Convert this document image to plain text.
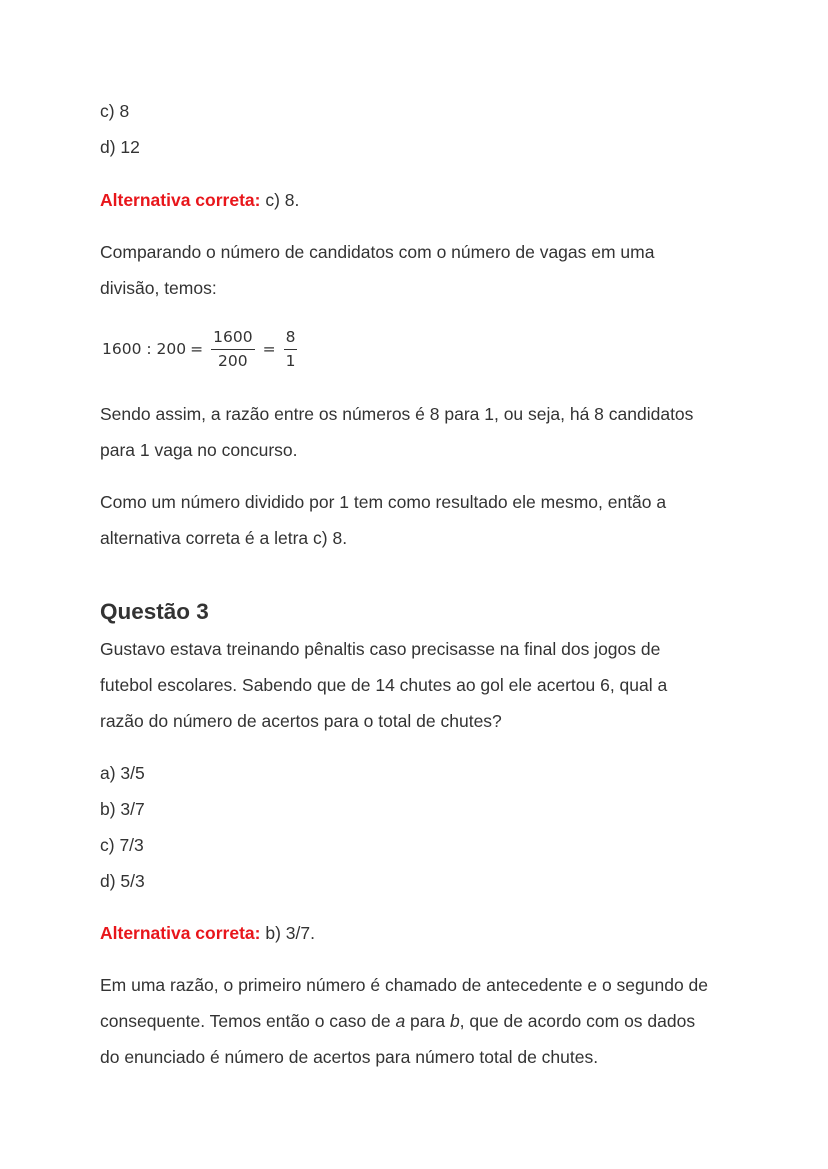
c) 8
d) 12
Alternativa correta: c) 8.
Comparando o número de candidatos com o número de vagas em uma
divisão, temos:
1600 : $200 = \frac{1600}{200} = \frac{8}{1}$
Sendo assim, a razão entre os números é 8 para 1, ou seja, há 8 candidatos
para 1 vaga no concurso.
Como um número dividido por 1 tem como resultado ele mesmo, então a
alternativa correta é a letra c) 8.
Questão 3
Gustavo estava treinando pênaltis caso precisasse na final dos jogos de
futebol escolares. Sabendo que de 14 chutes ao gol ele acertou 6, qual a
razão do número de acertos para o total de chutes?
a) 3/5
b) 3/7
c) 7/3
d) 5/3
Alternativa correta: b) 3/7.
Em uma razão, o primeiro número é chamado de antecedente e o segundo de
consequente. Temos então o caso de a para b, que de acordo com os dados
do enunciado é número de acertos para número total de chutes.
